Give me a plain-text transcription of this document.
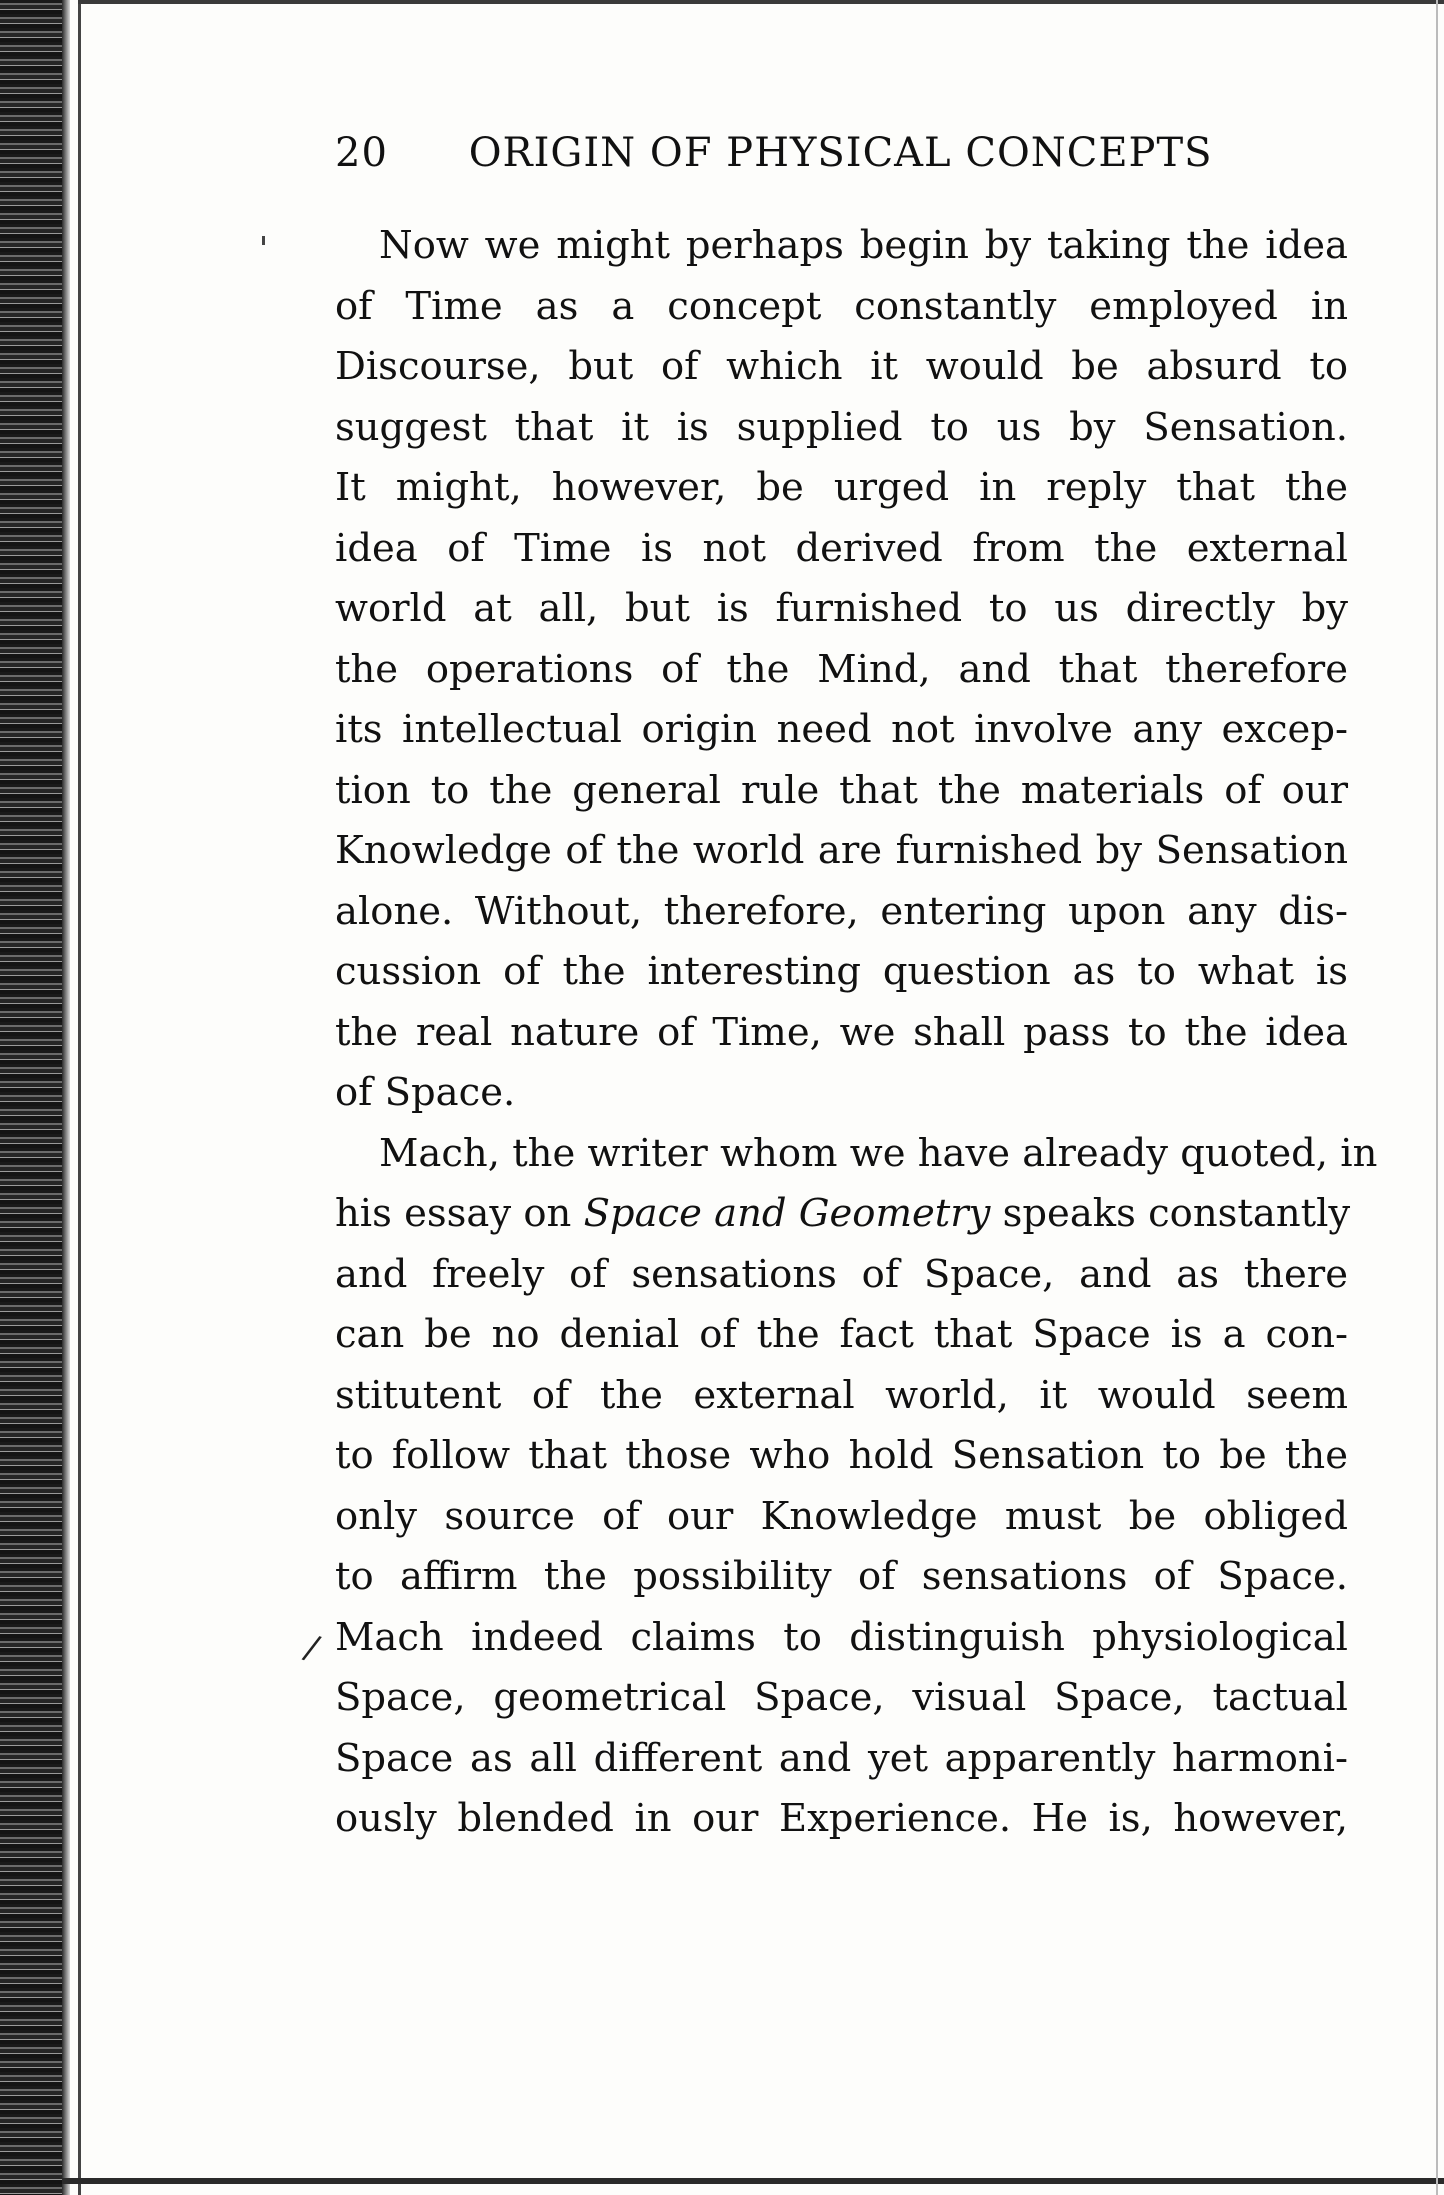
20 ORIGIN OF PHYSICAL CONCEPTS
Now we might perhaps begin by taking the idea
of Time as a concept constantly employed in
Discourse, but of which it would be absurd to
suggest that it is supplied to us by Sensation.
It might, however, be urged in reply that the
idea of Time is not derived from the external
world at all, but is furnished to us directly by
the operations of the Mind, and that therefore
its intellectual origin need not involve any excep-
tion to the general rule that the materials of our
Knowledge of the world are furnished by Sensation
alone. Without, therefore, entering upon any dis-
cussion of the interesting question as to what is
the real nature of Time, we shall pass to the idea
of Space.
Mach, the writer whom we have already quoted, in
his essay on Space and Geometry speaks constantly
and freely of sensations of Space, and as there
can be no denial of the fact that Space is a con-
stitutent of the external world, it would seem
to follow that those who hold Sensation to be the
only source of our Knowledge must be obliged
to affirm the possibility of sensations of Space.
Mach indeed claims to distinguish physiological
Space, geometrical Space, visual Space, tactual
Space as all different and yet apparently harmoni-
ously blended in our Experience. He is, however,
/
